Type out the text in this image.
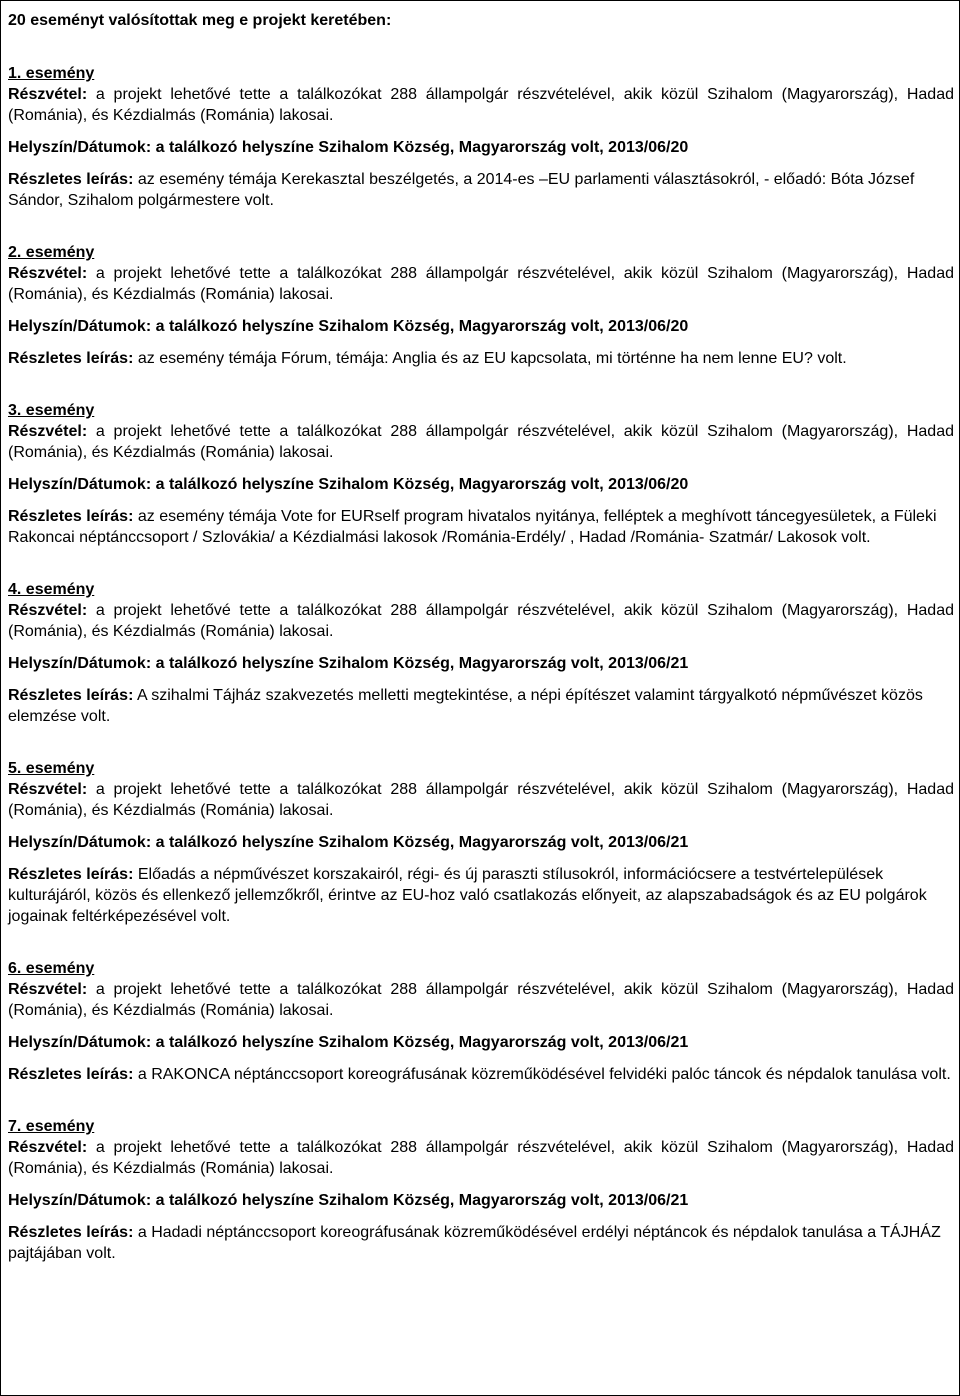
20 eseményt valósítottak meg e projekt keretében:

1. esemény

Részvétel: a projekt lehetővé tette a találkozókat 288 állampolgár részvételével, akik közül Szihalom (Magyarország), Hadad (Románia), és Kézdialmás (Románia) lakosai.

Helyszín/Dátumok: a találkozó helyszíne Szihalom Község, Magyarország volt, 2013/06/20

Részletes leírás: az esemény témája Kerekasztal beszélgetés, a 2014-es –EU parlamenti választásokról, - előadó: Bóta József Sándor, Szihalom polgármestere volt.

2. esemény

Részvétel: a projekt lehetővé tette a találkozókat 288 állampolgár részvételével, akik közül Szihalom (Magyarország), Hadad (Románia), és Kézdialmás (Románia) lakosai.

Helyszín/Dátumok: a találkozó helyszíne Szihalom Község, Magyarország volt, 2013/06/20

Részletes leírás: az esemény témája Fórum, témája: Anglia és az EU kapcsolata, mi történne ha nem lenne EU? volt.

3. esemény

Részvétel: a projekt lehetővé tette a találkozókat 288 állampolgár részvételével, akik közül Szihalom (Magyarország), Hadad (Románia), és Kézdialmás (Románia) lakosai.

Helyszín/Dátumok: a találkozó helyszíne Szihalom Község, Magyarország volt, 2013/06/20

Részletes leírás: az esemény témája Vote for EURself program hivatalos nyitánya, felléptek a meghívott táncegyesületek, a Füleki Rakoncai néptánccsoport / Szlovákia/ a Kézdialmási lakosok /Románia-Erdély/ , Hadad /Románia- Szatmár/ Lakosok volt.

4. esemény

Részvétel: a projekt lehetővé tette a találkozókat 288 állampolgár részvételével, akik közül Szihalom (Magyarország), Hadad (Románia), és Kézdialmás (Románia) lakosai.

Helyszín/Dátumok: a találkozó helyszíne Szihalom Község, Magyarország volt, 2013/06/21

Részletes leírás: A szihalmi Tájház szakvezetés melletti megtekintése, a népi építészet valamint tárgyalkotó népművészet közös elemzése volt.

5. esemény

Részvétel: a projekt lehetővé tette a találkozókat 288 állampolgár részvételével, akik közül Szihalom (Magyarország), Hadad (Románia), és Kézdialmás (Románia) lakosai.

Helyszín/Dátumok: a találkozó helyszíne Szihalom Község, Magyarország volt, 2013/06/21

Részletes leírás: Előadás a népművészet korszakairól, régi- és új paraszti stílusokról, információcsere a testvértelepülések kulturájáról, közös és ellenkező jellemzőkről, érintve az EU-hoz való csatlakozás előnyeit, az alapszabadságok és az EU polgárok jogainak feltérképezésével volt.

6. esemény

Részvétel: a projekt lehetővé tette a találkozókat 288 állampolgár részvételével, akik közül Szihalom (Magyarország), Hadad (Románia), és Kézdialmás (Románia) lakosai.

Helyszín/Dátumok: a találkozó helyszíne Szihalom Község, Magyarország volt, 2013/06/21

Részletes leírás: a RAKONCA néptánccsoport koreográfusának közreműködésével felvidéki palóc táncok és népdalok tanulása volt.

7. esemény

Részvétel: a projekt lehetővé tette a találkozókat 288 állampolgár részvételével, akik közül Szihalom (Magyarország), Hadad (Románia), és Kézdialmás (Románia) lakosai.

Helyszín/Dátumok: a találkozó helyszíne Szihalom Község, Magyarország volt, 2013/06/21

Részletes leírás: a Hadadi néptánccsoport koreográfusának közreműködésével erdélyi néptáncok és népdalok tanulása a TÁJHÁZ pajtájában volt.
